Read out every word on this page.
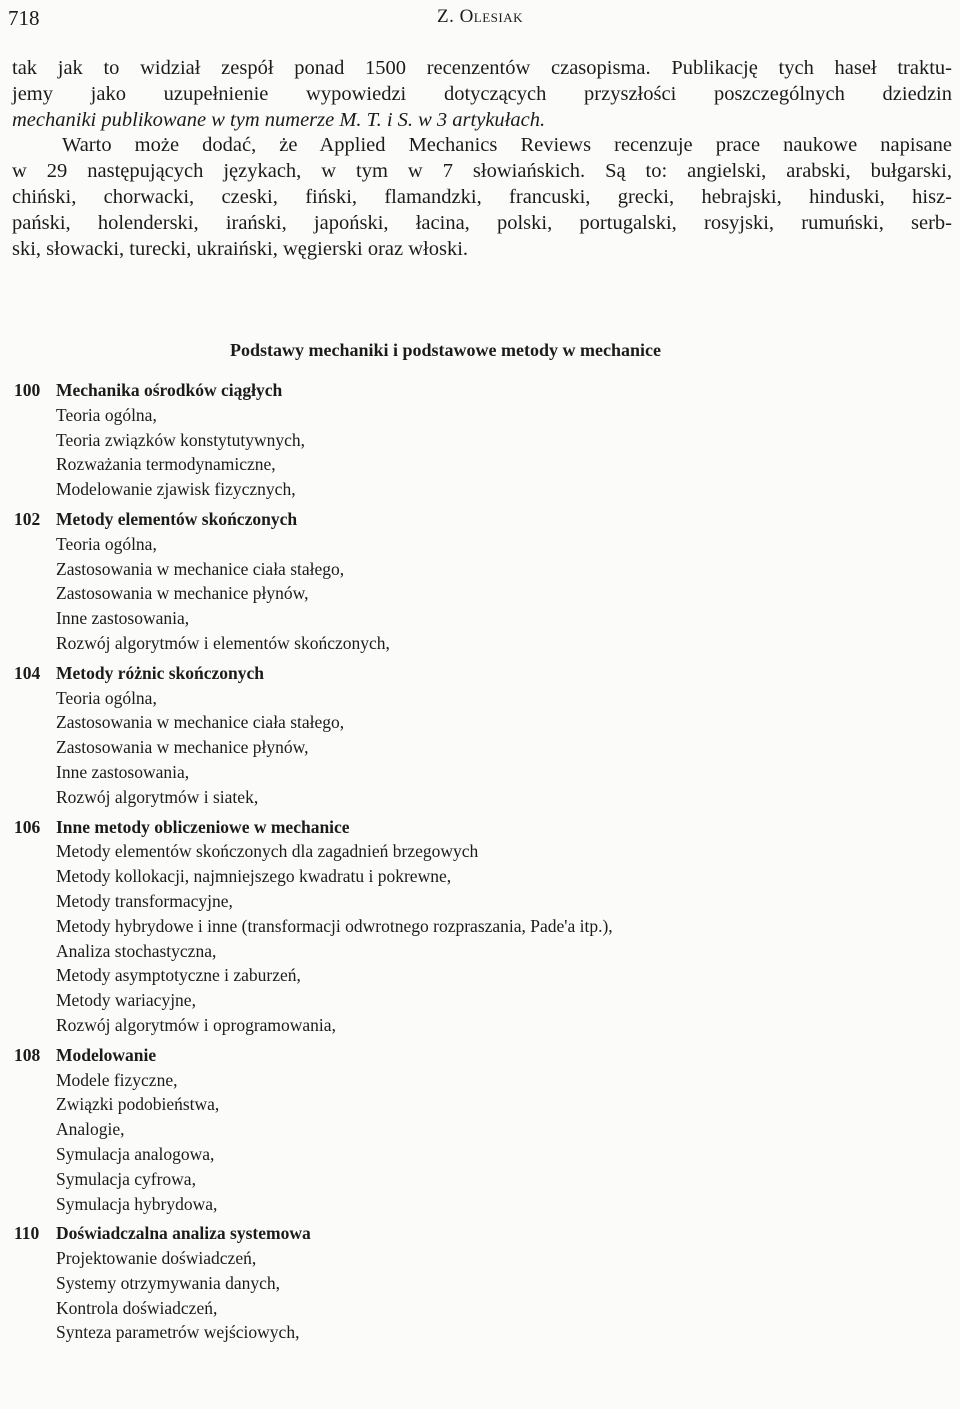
718	Z. Olesiak
tak jak to widział zespół ponad 1500 recenzentów czasopisma. Publikację tych haseł traktu-
jemy jako uzupełnienie wypowiedzi dotyczących przyszłości poszczególnych dziedzin
mechaniki publikowane w tym numerze M. T. i S. w 3 artykułach.
Warto może dodać, że Applied Mechanics Reviews recenzuje prace naukowe napisane
w 29 następujących językach, w tym w 7 słowiańskich. Są to: angielski, arabski, bułgarski,
chiński, chorwacki, czeski, fiński, flamandzki, francuski, grecki, hebrajski, hinduski, hisz-
pański, holenderski, irański, japoński, łacina, polski, portugalski, rosyjski, rumuński, serb-
ski, słowacki, turecki, ukraiński, węgierski oraz włoski.
Podstawy mechaniki i podstawowe metody w mechanice
100 Mechanika ośrodków ciągłych
Teoria ogólna,
Teoria związków konstytutywnych,
Rozważania termodynamiczne,
Modelowanie zjawisk fizycznych,
102 Metody elementów skończonych
Teoria ogólna,
Zastosowania w mechanice ciała stałego,
Zastosowania w mechanice płynów,
Inne zastosowania,
Rozwój algorytmów i elementów skończonych,
104 Metody różnic skończonych
Teoria ogólna,
Zastosowania w mechanice ciała stałego,
Zastosowania w mechanice płynów,
Inne zastosowania,
Rozwój algorytmów i siatek,
106 Inne metody obliczeniowe w mechanice
Metody elementów skończonych dla zagadnień brzegowych
Metody kollokacji, najmniejszego kwadratu i pokrewne,
Metody transformacyjne,
Metody hybrydowe i inne (transformacji odwrotnego rozpraszania, Pade'a itp.),
Analiza stochastyczna,
Metody asymptotyczne i zaburzeń,
Metody wariacyjne,
Rozwój algorytmów i oprogramowania,
108 Modelowanie
Modele fizyczne,
Związki podobieństwa,
Analogie,
Symulacja analogowa,
Symulacja cyfrowa,
Symulacja hybrydowa,
110 Doświadczalna analiza systemowa
Projektowanie doświadczeń,
Systemy otrzymywania danych,
Kontrola doświadczeń,
Synteza parametrów wejściowych,
